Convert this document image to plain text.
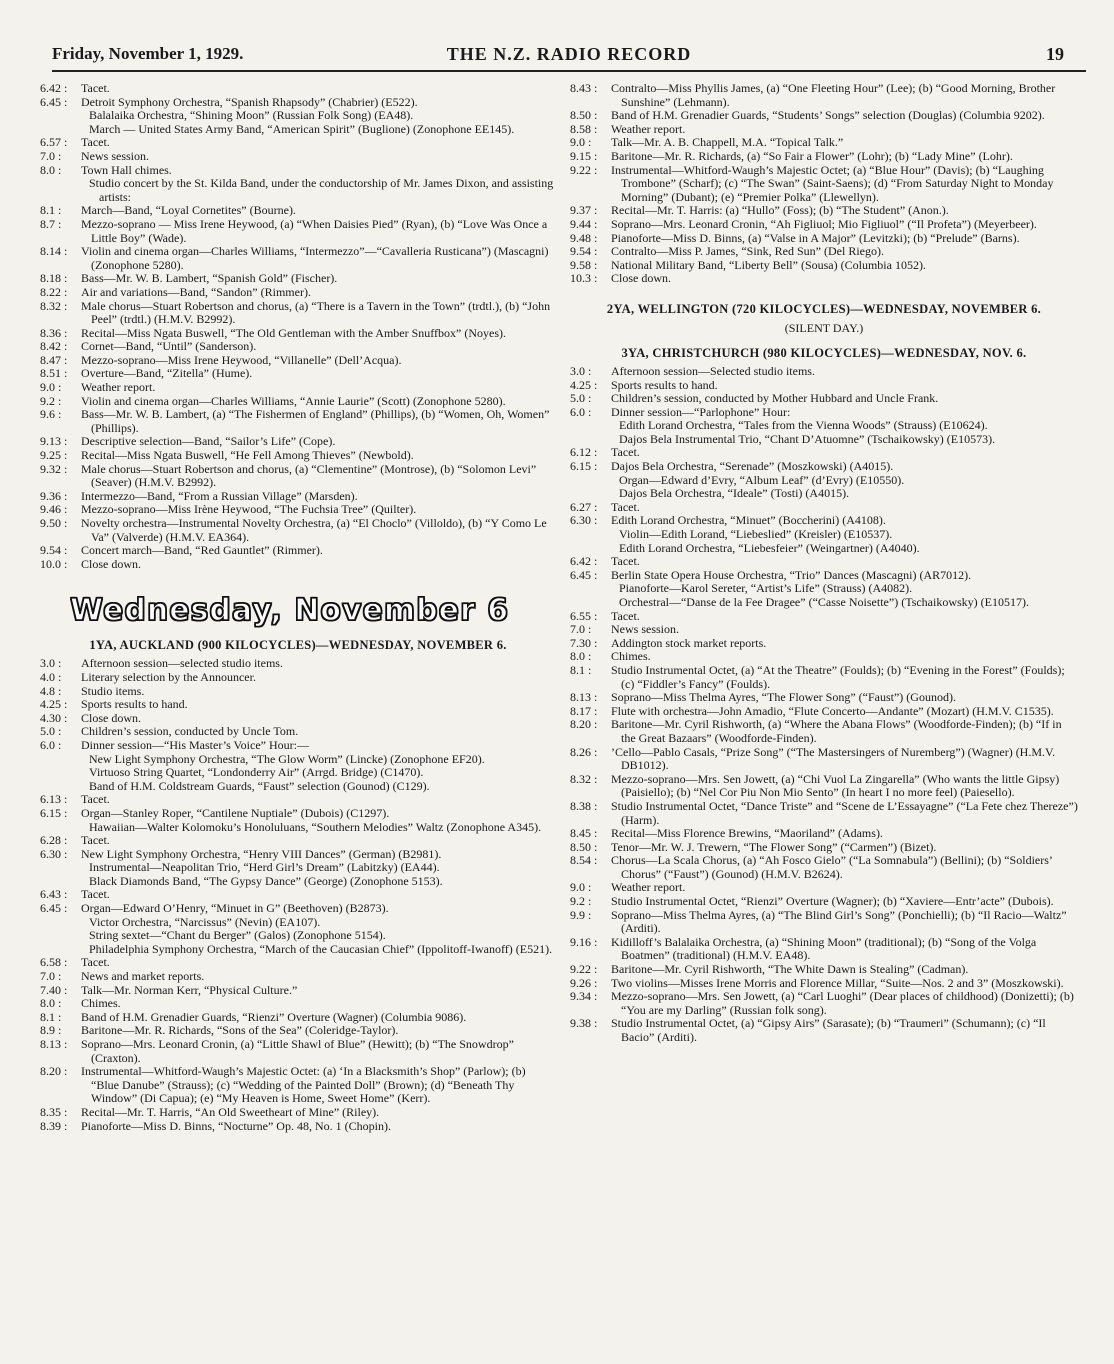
Friday, November 1, 1929.	THE N.Z. RADIO RECORD	19
6.42 :	Tacet.
6.45 :	Detroit Symphony Orchestra, “Spanish Rhapsody” (Chabrier) (E522).
Balalaika Orchestra, “Shining Moon” (Russian Folk Song) (EA48).
March — United States Army Band, “American Spirit” (Buglione) (Zonophone EE145).
6.57 :	Tacet.
7.0 :	News session.
8.0 :	Town Hall chimes.
Studio concert by the St. Kilda Band, under the conductorship of Mr. James Dixon, and assisting artists:
8.1 :	March—Band, “Loyal Cornetites” (Bourne).
8.7 :	Mezzo-soprano — Miss Irene Heywood, (a) “When Daisies Pied” (Ryan), (b) “Love Was Once a Little Boy” (Wade).
8.14 :	Violin and cinema organ—Charles Williams, “Intermezzo”—“Cavalleria Rusticana”) (Mascagni) (Zonophone 5280).
8.18 :	Bass—Mr. W. B. Lambert, “Spanish Gold” (Fischer).
8.22 :	Air and variations—Band, “Sandon” (Rimmer).
8.32 :	Male chorus—Stuart Robertson and chorus, (a) “There is a Tavern in the Town” (trdtl.), (b) “John Peel” (trdtl.) (H.M.V. B2992).
8.36 :	Recital—Miss Ngata Buswell, “The Old Gentleman with the Amber Snuffbox” (Noyes).
8.42 :	Cornet—Band, “Until” (Sanderson).
8.47 :	Mezzo-soprano—Miss Irene Heywood, “Villanelle” (Dell’Acqua).
8.51 :	Overture—Band, “Zitella” (Hume).
9.0 :	Weather report.
9.2 :	Violin and cinema organ—Charles Williams, “Annie Laurie” (Scott) (Zonophone 5280).
9.6 :	Bass—Mr. W. B. Lambert, (a) “The Fishermen of England” (Phillips), (b) “Women, Oh, Women” (Phillips).
9.13 :	Descriptive selection—Band, “Sailor’s Life” (Cope).
9.25 :	Recital—Miss Ngata Buswell, “He Fell Among Thieves” (Newbold).
9.32 :	Male chorus—Stuart Robertson and chorus, (a) “Clementine” (Montrose), (b) “Solomon Levi” (Seaver) (H.M.V. B2992).
9.36 :	Intermezzo—Band, “From a Russian Village” (Marsden).
9.46 :	Mezzo-soprano—Miss Irène Heywood, “The Fuchsia Tree” (Quilter).
9.50 :	Novelty orchestra—Instrumental Novelty Orchestra, (a) “El Choclo” (Villoldo), (b) “Y Como Le Va” (Valverde) (H.M.V. EA364).
9.54 :	Concert march—Band, “Red Gauntlet” (Rimmer).
10.0 :	Close down.
Wednesday, November 6
1YA, AUCKLAND (900 KILOCYCLES)—WEDNESDAY, NOVEMBER 6.
3.0 :	Afternoon session—selected studio items.
4.0 :	Literary selection by the Announcer.
4.8 :	Studio items.
4.25 :	Sports results to hand.
4.30 :	Close down.
5.0 :	Children’s session, conducted by Uncle Tom.
6.0 :	Dinner session—“His Master’s Voice” Hour:—
New Light Symphony Orchestra, “The Glow Worm” (Lincke) (Zonophone EF20).
Virtuoso String Quartet, “Londonderry Air” (Arrgd. Bridge) (C1470).
Band of H.M. Coldstream Guards, “Faust” selection (Gounod) (C129).
6.13 :	Tacet.
6.15 :	Organ—Stanley Roper, “Cantilene Nuptiale” (Dubois) (C1297).
Hawaiian—Walter Kolomoku’s Honoluluans, “Southern Melodies” Waltz (Zonophone A345).
6.28 :	Tacet.
6.30 :	New Light Symphony Orchestra, “Henry VIII Dances” (German) (B2981).
Instrumental—Neapolitan Trio, “Herd Girl’s Dream” (Labitzky) (EA44).
Black Diamonds Band, “The Gypsy Dance” (George) (Zonophone 5153).
6.43 :	Tacet.
6.45 :	Organ—Edward O’Henry, “Minuet in G” (Beethoven) (B2873).
Victor Orchestra, “Narcissus” (Nevin) (EA107).
String sextet—“Chant du Berger” (Galos) (Zonophone 5154).
Philadelphia Symphony Orchestra, “March of the Caucasian Chief” (Ippolitoff-Iwanoff) (E521).
6.58 :	Tacet.
7.0 :	News and market reports.
7.40 :	Talk—Mr. Norman Kerr, “Physical Culture.”
8.0 :	Chimes.
8.1 :	Band of H.M. Grenadier Guards, “Rienzi” Overture (Wagner) (Columbia 9086).
8.9 :	Baritone—Mr. R. Richards, “Sons of the Sea” (Coleridge-Taylor).
8.13 :	Soprano—Mrs. Leonard Cronin, (a) “Little Shawl of Blue” (Hewitt); (b) “The Snowdrop” (Craxton).
8.20 :	Instrumental—Whitford-Waugh’s Majestic Octet: (a) ‘In a Blacksmith’s Shop” (Parlow); (b) “Blue Danube” (Strauss); (c) “Wedding of the Painted Doll” (Brown); (d) “Beneath Thy Window” (Di Capua); (e) “My Heaven is Home, Sweet Home” (Kerr).
8.35 :	Recital—Mr. T. Harris, “An Old Sweetheart of Mine” (Riley).
8.39 :	Pianoforte—Miss D. Binns, “Nocturne” Op. 48, No. 1 (Chopin).
8.43 :	Contralto—Miss Phyllis James, (a) “One Fleeting Hour” (Lee); (b) “Good Morning, Brother Sunshine” (Lehmann).
8.50 :	Band of H.M. Grenadier Guards, “Students’ Songs” selection (Douglas) (Columbia 9202).
8.58 :	Weather report.
9.0 :	Talk—Mr. A. B. Chappell, M.A. “Topical Talk.”
9.15 :	Baritone—Mr. R. Richards, (a) “So Fair a Flower” (Lohr); (b) “Lady Mine” (Lohr).
9.22 :	Instrumental—Whitford-Waugh’s Majestic Octet; (a) “Blue Hour” (Davis); (b) “Laughing Trombone” (Scharf); (c) “The Swan” (Saint-Saens); (d) “From Saturday Night to Monday Morning” (Dubant); (e) “Premier Polka” (Llewellyn).
9.37 :	Recital—Mr. T. Harris: (a) “Hullo” (Foss); (b) “The Student” (Anon.).
9.44 :	Soprano—Mrs. Leonard Cronin, “Ah Figliuol; Mio Figliuol” (“Il Profeta”) (Meyerbeer).
9.48 :	Pianoforte—Miss D. Binns, (a) “Valse in A Major” (Levitzki); (b) “Prelude” (Barns).
9.54 :	Contralto—Miss P. James, “Sink, Red Sun” (Del Riego).
9.58 :	National Military Band, “Liberty Bell” (Sousa) (Columbia 1052).
10.3 :	Close down.
2YA, WELLINGTON (720 KILOCYCLES)—WEDNESDAY, NOVEMBER 6.
(SILENT DAY.)
3YA, CHRISTCHURCH (980 KILOCYCLES)—WEDNESDAY, NOV. 6.
3.0 :	Afternoon session—Selected studio items.
4.25 :	Sports results to hand.
5.0 :	Children’s session, conducted by Mother Hubbard and Uncle Frank.
6.0 :	Dinner session—“Parlophone” Hour:
Edith Lorand Orchestra, “Tales from the Vienna Woods” (Strauss) (E10624).
Dajos Bela Instrumental Trio, “Chant D’Atuomne” (Tschaikowsky) (E10573).
6.12 :	Tacet.
6.15 :	Dajos Bela Orchestra, “Serenade” (Moszkowski) (A4015).
Organ—Edward d’Evry, “Album Leaf” (d’Evry) (E10550).
Dajos Bela Orchestra, “Ideale” (Tosti) (A4015).
6.27 :	Tacet.
6.30 :	Edith Lorand Orchestra, “Minuet” (Boccherini) (A4108).
Violin—Edith Lorand, “Liebeslied” (Kreisler) (E10537).
Edith Lorand Orchestra, “Liebesfeier” (Weingartner) (A4040).
6.42 :	Tacet.
6.45 :	Berlin State Opera House Orchestra, “Trio” Dances (Mascagni) (AR7012).
Pianoforte—Karol Sereter, “Artist’s Life” (Strauss) (A4082).
Orchestral—“Danse de la Fee Dragee” (“Casse Noisette”) (Tschaikowsky) (E10517).
6.55 :	Tacet.
7.0 :	News session.
7.30 :	Addington stock market reports.
8.0 :	Chimes.
8.1 :	Studio Instrumental Octet, (a) “At the Theatre” (Foulds); (b) “Evening in the Forest” (Foulds); (c) “Fiddler’s Fancy” (Foulds).
8.13 :	Soprano—Miss Thelma Ayres, “The Flower Song” (“Faust”) (Gounod).
8.17 :	Flute with orchestra—John Amadio, “Flute Concerto—Andante” (Mozart) (H.M.V. C1535).
8.20 :	Baritone—Mr. Cyril Rishworth, (a) “Where the Abana Flows” (Woodforde-Finden); (b) “If in the Great Bazaars” (Woodforde-Finden).
8.26 :	’Cello—Pablo Casals, “Prize Song” (“The Mastersingers of Nuremberg”) (Wagner) (H.M.V. DB1012).
8.32 :	Mezzo-soprano—Mrs. Sen Jowett, (a) “Chi Vuol La Zingarella” (Who wants the little Gipsy) (Paisiello); (b) “Nel Cor Piu Non Mio Sento” (In heart I no more feel) (Paiesello).
8.38 :	Studio Instrumental Octet, “Dance Triste” and “Scene de L’Essayagne” (“La Fete chez Thereze”) (Harm).
8.45 :	Recital—Miss Florence Brewins, “Maoriland” (Adams).
8.50 :	Tenor—Mr. W. J. Trewern, “The Flower Song” (“Carmen”) (Bizet).
8.54 :	Chorus—La Scala Chorus, (a) “Ah Fosco Gielo” (“La Somnabula”) (Bellini); (b) “Soldiers’ Chorus” (“Faust”) (Gounod) (H.M.V. B2624).
9.0 :	Weather report.
9.2 :	Studio Instrumental Octet, “Rienzi” Overture (Wagner); (b) “Xaviere—Entr’acte” (Dubois).
9.9 :	Soprano—Miss Thelma Ayres, (a) “The Blind Girl’s Song” (Ponchielli); (b) “Il Racio—Waltz” (Arditi).
9.16 :	Kidilloff’s Balalaika Orchestra, (a) “Shining Moon” (traditional); (b) “Song of the Volga Boatmen” (traditional) (H.M.V. EA48).
9.22 :	Baritone—Mr. Cyril Rishworth, “The White Dawn is Stealing” (Cadman).
9.26 :	Two violins—Misses Irene Morris and Florence Millar, “Suite—Nos. 2 and 3” (Moszkowski).
9.34 :	Mezzo-soprano—Mrs. Sen Jowett, (a) “Carl Luoghi” (Dear places of childhood) (Donizetti); (b) “You are my Darling” (Russian folk song).
9.38 :	Studio Instrumental Octet, (a) “Gipsy Airs” (Sarasate); (b) “Traumeri” (Schumann); (c) “Il Bacio” (Arditi).
